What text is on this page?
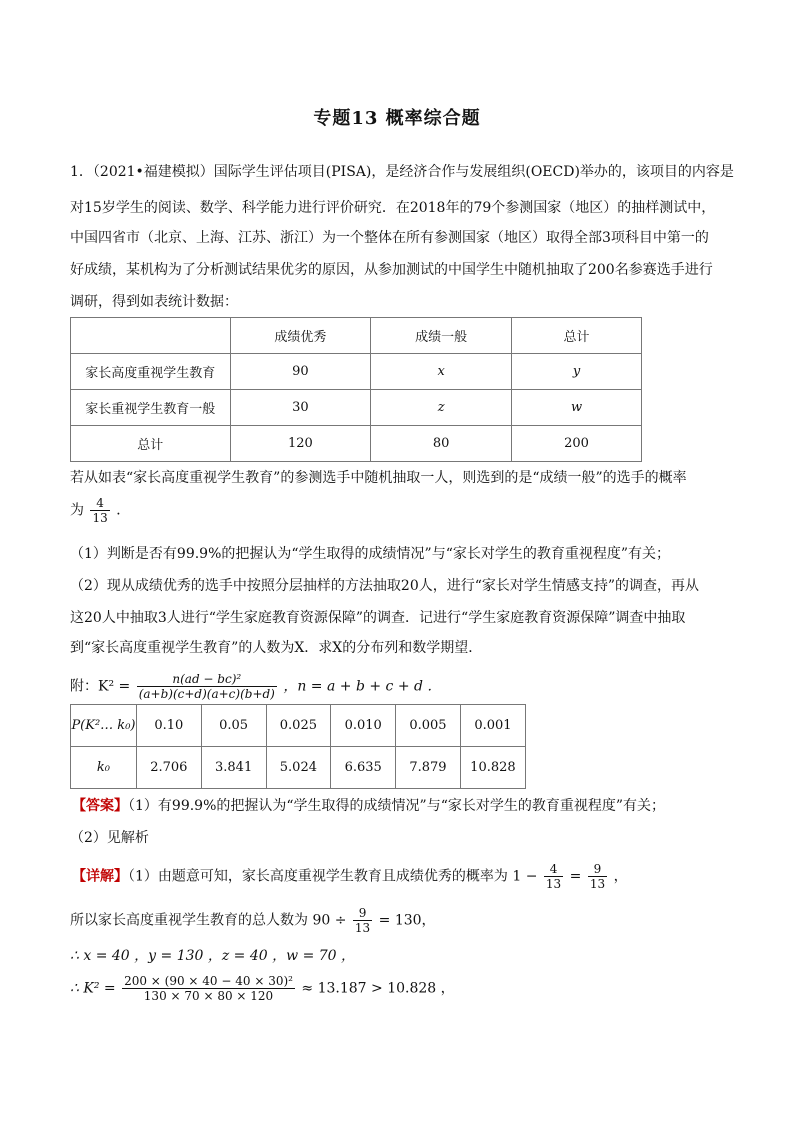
专题13 概率综合题
1．（2021•福建模拟）国际学生评估项目(PISA)，是经济合作与发展组织(OECD)举办的，该项目的内容是
对15岁学生的阅读、数学、科学能力进行评价研究．在2018年的79个参测国家（地区）的抽样测试中，
中国四省市（北京、上海、江苏、浙江）为一个整体在所有参测国家（地区）取得全部3项科目中第一的
好成绩，某机构为了分析测试结果优劣的原因，从参加测试的中国学生中随机抽取了200名参赛选手进行
调研，得到如表统计数据：
	成绩优秀	成绩一般	总计
家长高度重视学生教育	90	x	y
家长重视学生教育一般	30	z	w
总计	120	80	200
若从如表“家长高度重视学生教育”的参测选手中随机抽取一人，则选到的是“成绩一般”的选手的概率
为 $\frac{4}{13}$ ．
（1）判断是否有99.9%的把握认为“学生取得的成绩情况”与“家长对学生的教育重视程度”有关；
（2）现从成绩优秀的选手中按照分层抽样的方法抽取20人，进行“家长对学生情感支持”的调查，再从
这20人中抽取3人进行“学生家庭教育资源保障”的调查．记进行“学生家庭教育资源保障”调查中抽取
到“家长高度重视学生教育”的人数为X．求X的分布列和数学期望．
附：$K^2 = \frac{\text{n(ad − bc)²}}{(a+b)(c+d)(a+c)(b+d)}$ ，n = a + b + c + d ．
P(K²… k₀)	0.10	0.05	0.025	0.010	0.005	0.001
k₀	2.706	3.841	5.024	6.635	7.879	10.828
【答案】（1）有99.9%的把握认为“学生取得的成绩情况”与“家长对学生的教育重视程度”有关；
（2）见解析
【详解】（1）由题意可知，家长高度重视学生教育且成绩优秀的概率为 $1 - \frac{4}{13} = \frac{9}{13}$ ，
所以家长高度重视学生教育的总人数为 $90 \div \frac{9}{13} = 130$，
∴ x = 40 ，y = 130 ，z = 40 ，w = 70 ，
∴ $K^2 = \frac{\text{200 × (90 × 40 − 40 × 30)²}}{130 \times 70 \times 80 \times 120} \approx 13.187 > 10.828$ ，
